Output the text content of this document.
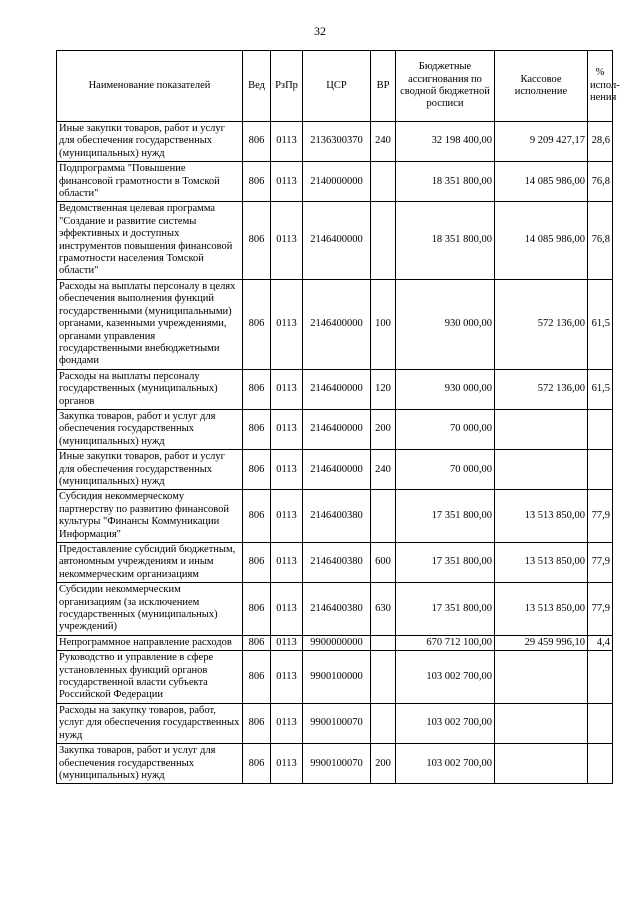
32
Наименование показателей	Вед	РзПр	ЦСР	ВР	Бюджетные ассигнования по сводной бюджетной росписи	Кассовое исполнение	% испол-нения
Иные закупки товаров, работ и услуг для обеспечения государственных (муниципальных) нужд	806	0113	2136300370	240	32 198 400,00	9 209 427,17	28,6
Подпрограмма "Повышение финансовой грамотности в Томской области"	806	0113	2140000000		18 351 800,00	14 085 986,00	76,8
Ведомственная целевая программа "Создание и развитие системы эффективных и доступных инструментов повышения финансовой грамотности населения Томской области"	806	0113	2146400000		18 351 800,00	14 085 986,00	76,8
Расходы на выплаты персоналу в целях обеспечения выполнения функций государственными (муниципальными) органами, казенными учреждениями, органами управления государственными внебюджетными фондами	806	0113	2146400000	100	930 000,00	572 136,00	61,5
Расходы на выплаты персоналу государственных (муниципальных) органов	806	0113	2146400000	120	930 000,00	572 136,00	61,5
Закупка товаров, работ и услуг для обеспечения государственных (муниципальных) нужд	806	0113	2146400000	200	70 000,00		
Иные закупки товаров, работ и услуг для обеспечения государственных (муниципальных) нужд	806	0113	2146400000	240	70 000,00		
Субсидия некоммерческому партнерству по развитию финансовой культуры "Финансы Коммуникации Информация"	806	0113	2146400380		17 351 800,00	13 513 850,00	77,9
Предоставление субсидий бюджетным, автономным учреждениям и иным некоммерческим организациям	806	0113	2146400380	600	17 351 800,00	13 513 850,00	77,9
Субсидии некоммерческим организациям (за исключением государственных (муниципальных) учреждений)	806	0113	2146400380	630	17 351 800,00	13 513 850,00	77,9
Непрограммное направление расходов	806	0113	9900000000		670 712 100,00	29 459 996,10	4,4
Руководство и управление в сфере установленных функций органов государственной власти субъекта Российской Федерации	806	0113	9900100000		103 002 700,00		
Расходы на закупку товаров, работ, услуг для обеспечения государственных нужд	806	0113	9900100070		103 002 700,00		
Закупка товаров, работ и услуг для обеспечения государственных (муниципальных) нужд	806	0113	9900100070	200	103 002 700,00		
